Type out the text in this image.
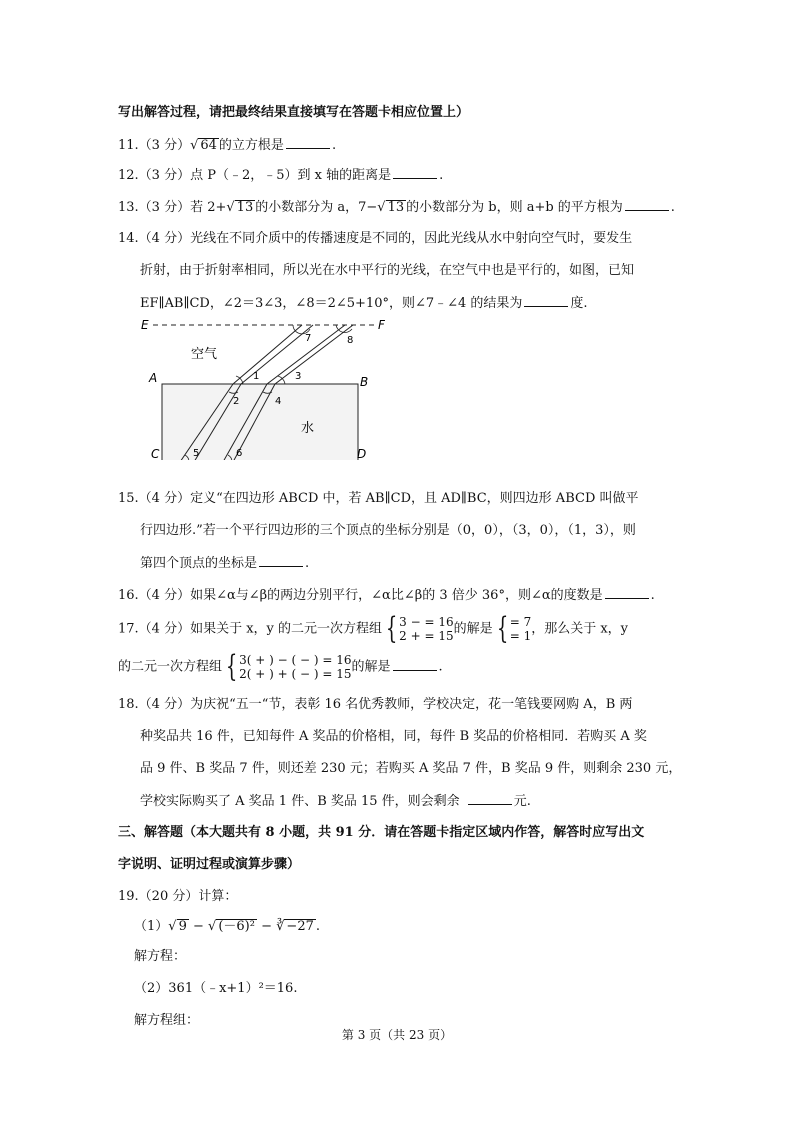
写出解答过程，请把最终结果直接填写在答题卡相应位置上）
11.（3 分）√ 64 的立方根是	.
12.（3 分）点 P（﹣2，﹣5）到 x 轴的距离是	.
13.（3 分）若 2+√ 13 的小数部分为 a，7−√ 13 的小数部分为 b，则 a+b 的平方根为	.
14.（4 分）光线在不同介质中的传播速度是不同的，因此光线从水中射向空气时，要发生
折射，由于折射率相同，所以光在水中平行的光线，在空气中也是平行的，如图，已知
EF∥AB∥CD，∠2＝3∠3，∠8＝2∠5+10°，则∠7﹣∠4 的结果为	度.
E	F
A	B
C	D
空气
水
1
2
3
4
5	6
7	8
15.（4 分）定义“在四边形 ABCD 中，若 AB∥CD，且 AD∥BC，则四边形 ABCD 叫做平
行四边形.”若一个平行四边形的三个顶点的坐标分别是（0，0），（3，0），（1，3），则
第四个顶点的坐标是	.
16.（4 分）如果∠α与∠β的两边分别平行，∠α比∠β的 3 倍少 36°，则∠α的度数是	.
17.（4 分）如果关于 x，y 的二元一次方程组 { 3 − = 16
2 + = 15 的解是 { = 7
= 1 ，那么关于 x，y
的二元一次方程组 { 3( + ) − ( − ) = 16
2( + ) + ( − ) = 15 的解是	.
18.（4 分）为庆祝“五一“节，表彰 16 名优秀教师，学校决定，花一笔钱要网购 A，B 两
种奖品共 16 件，已知每件 A 奖品的价格相，同，每件 B 奖品的价格相同．若购买 A 奖
品 9 件、B 奖品 7 件，则还差 230 元；若购买 A 奖品 7 件，B 奖品 9 件，则剩余 230 元，
学校实际购买了 A 奖品 1 件、B 奖品 15 件，则会剩余	元.
三、解答题（本大题共有 8 小题，共 91 分．请在答题卡指定区域内作答，解答时应写出文
字说明、证明过程或演算步骤）
19.（20 分）计算：
（1）√ 9 − √ (－6)² − ∛ −27 .
解方程：
（2）361（﹣x+1）²＝16.
解方程组：
第 3 页（共 23 页）
